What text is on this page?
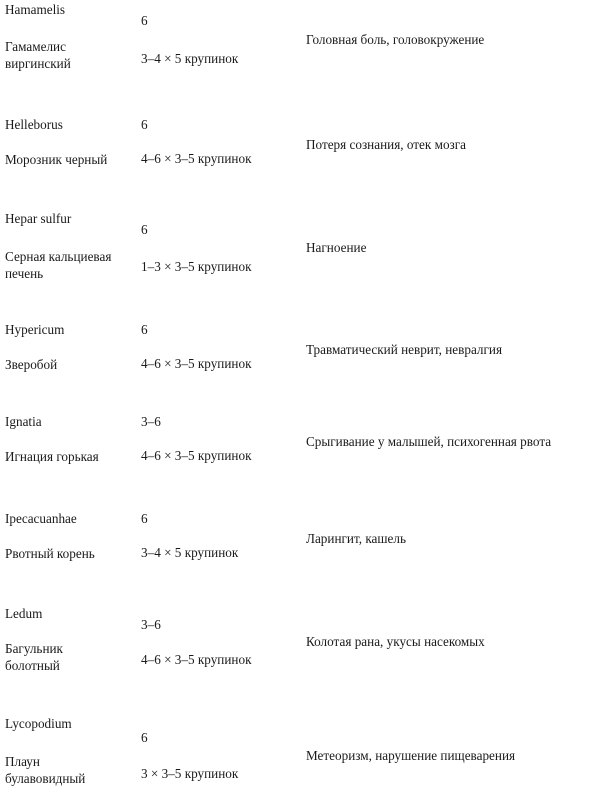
Hamamelis
Гамамелис
виргинский
6
3–4 × 5 крупинок
Головная боль, головокружение
Helleborus
Морозник черный
6
4–6 × 3–5 крупинок
Потеря сознания, отек мозга
Hepar sulfur
Серная кальциевая
печень
6
1–3 × 3–5 крупинок
Нагноение
Hypericum
Зверобой
6
4–6 × 3–5 крупинок
Травматический неврит, невралгия
Ignatia
Игнация горькая
3–6
4–6 × 3–5 крупинок
Срыгивание у малышей, психогенная рвота
Ipecacuanhae
Рвотный корень
6
3–4 × 5 крупинок
Ларингит, кашель
Ledum
Багульник
болотный
3–6
4–6 × 3–5 крупинок
Колотая рана, укусы насекомых
Lycopodium
Плаун
булавовидный
6
3 × 3–5 крупинок
Метеоризм, нарушение пищеварения
